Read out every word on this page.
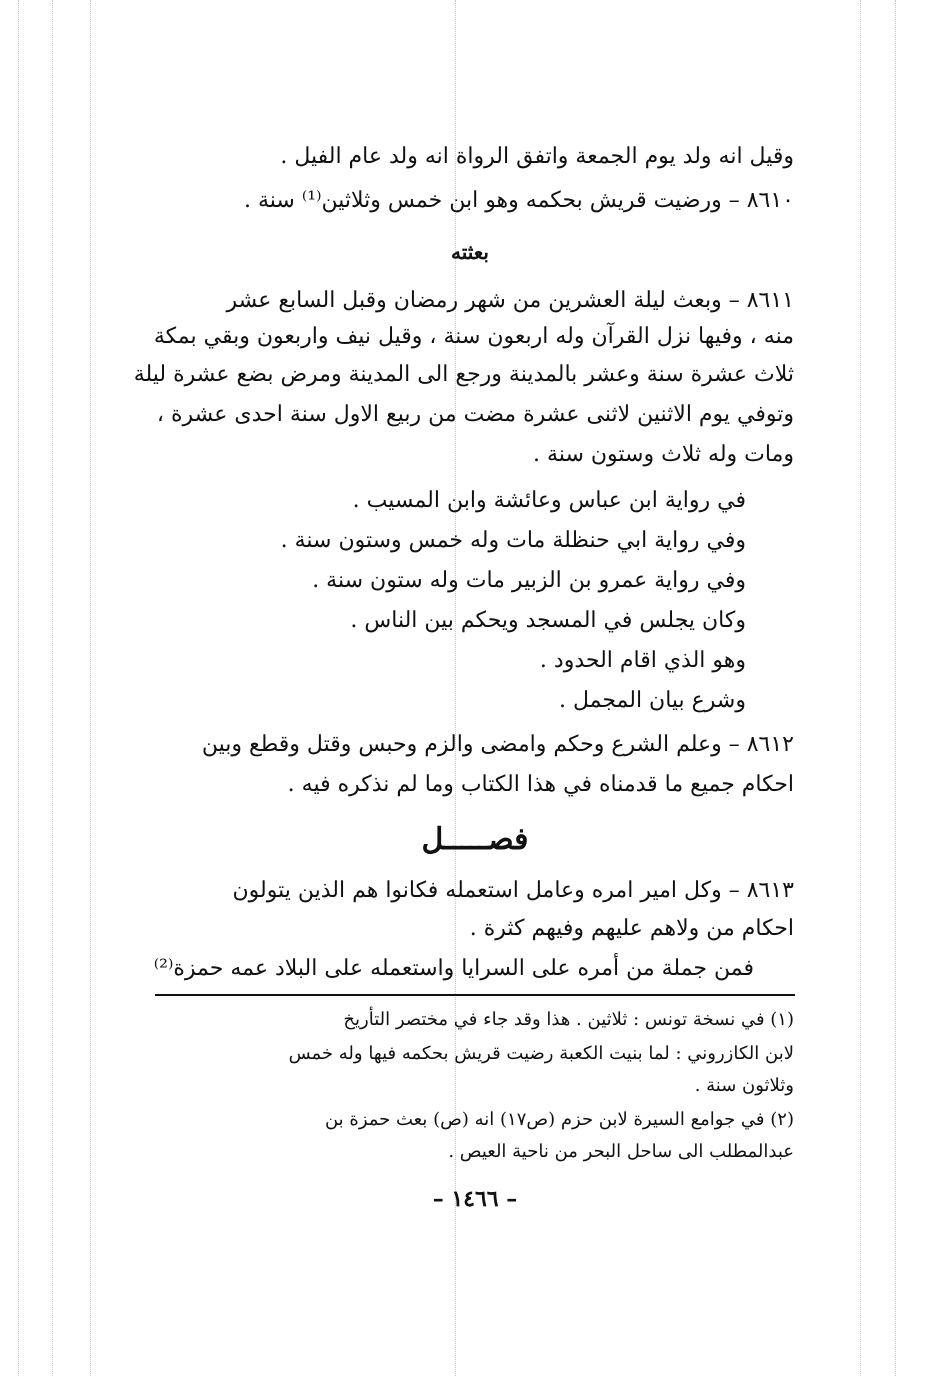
وقيل انه ولد يوم الجمعة واتفق الرواة انه ولد عام الفيل .
٨٦١٠ – ورضيت قريش بحكمه وهو ابن خمس وثلاثين⁽¹⁾ سنة .
بعثته
٨٦١١ – وبعث ليلة العشرين من شهر رمضان وقبل السابع عشر
منه ، وفيها نزل القرآن وله اربعون سنة ، وقيل نيف واربعون وبقي بمكة
ثلاث عشرة سنة وعشر بالمدينة ورجع الى المدينة ومرض بضع عشرة ليلة
وتوفي يوم الاثنين لاثنى عشرة مضت من ربيع الاول سنة احدى عشرة ،
ومات وله ثلاث وستون سنة .
في رواية ابن عباس وعائشة وابن المسيب .
وفي رواية ابي حنظلة مات وله خمس وستون سنة .
وفي رواية عمرو بن الزبير مات وله ستون سنة .
وكان يجلس في المسجد ويحكم بين الناس .
وهو الذي اقام الحدود .
وشرع بيان المجمل .
٨٦١٢ – وعلم الشرع وحكم وامضى والزم وحبس وقتل وقطع وبين
احكام جميع ما قدمناه في هذا الكتاب وما لم نذكره فيه .
فصـــــل
٨٦١٣ – وكل امير امره وعامل استعمله فكانوا هم الذين يتولون
احكام من ولاهم عليهم وفيهم كثرة .
فمن جملة من أمره على السرايا واستعمله على البلاد عمه حمزة⁽²⁾
(١) في نسخة تونس : ثلاثين . هذا وقد جاء في مختصر التأريخ
لابن الكازروني : لما بنيت الكعبة رضيت قريش بحكمه فيها وله خمس
وثلاثون سنة .
(٢) في جوامع السيرة لابن حزم (ص١٧) انه (ص) بعث حمزة بن
عبدالمطلب الى ساحل البحر من ناحية العيص .
– ١٤٦٦ –
